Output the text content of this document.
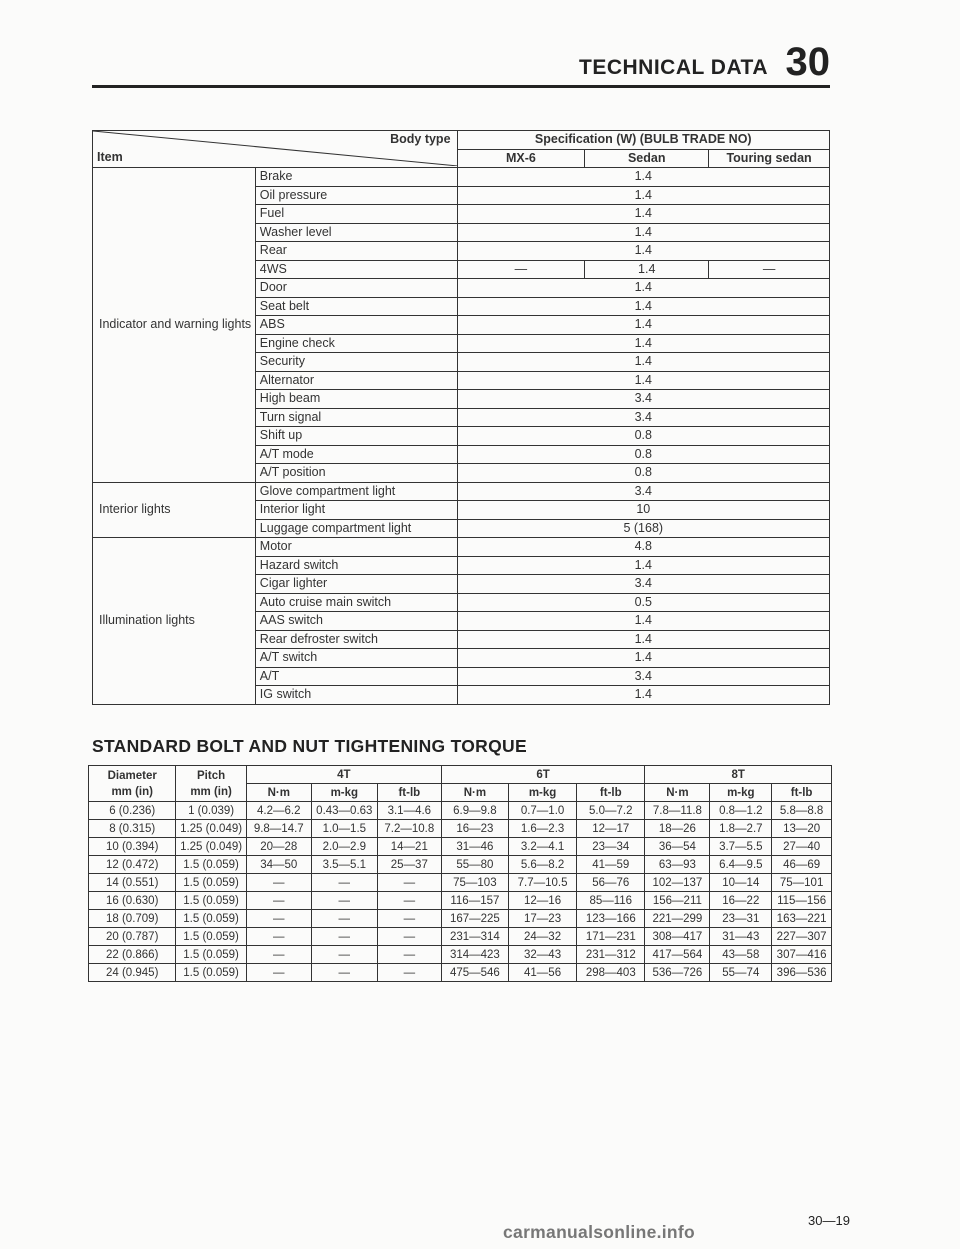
TECHNICAL DATA 30
Body type
Item		Specification (W) (BULB TRADE NO)		
		MX-6	Sedan	Touring sedan
Indicator and warning lights	Brake	1.4		
	Oil pressure	1.4		
	Fuel	1.4		
	Washer level	1.4		
	Rear	1.4		
	4WS	—	1.4	—
	Door	1.4		
	Seat belt	1.4		
	ABS	1.4		
	Engine check	1.4		
	Security	1.4		
	Alternator	1.4		
	High beam	3.4		
	Turn signal	3.4		
	Shift up	0.8		
	A/T mode	0.8		
	A/T position	0.8		
Interior lights	Glove compartment light	3.4		
	Interior light	10		
	Luggage compartment light	5 (168)		
Illumination lights	Motor	4.8		
	Hazard switch	1.4		
	Cigar lighter	3.4		
	Auto cruise main switch	0.5		
	AAS switch	1.4		
	Rear defroster switch	1.4		
	A/T switch	1.4		
	A/T	3.4		
	IG switch	1.4		
STANDARD BOLT AND NUT TIGHTENING TORQUE
Diameter
mm (in)	Pitch
mm (in)	4T			6T			8T		
		N·m	m-kg	ft-lb	N·m	m-kg	ft-lb	N·m	m-kg	ft-lb
6 (0.236)	1 (0.039)	4.2—6.2	0.43—0.63	3.1—4.6	6.9—9.8	0.7—1.0	5.0—7.2	7.8—11.8	0.8—1.2	5.8—8.8
8 (0.315)	1.25 (0.049)	9.8—14.7	1.0—1.5	7.2—10.8	16—23	1.6—2.3	12—17	18—26	1.8—2.7	13—20
10 (0.394)	1.25 (0.049)	20—28	2.0—2.9	14—21	31—46	3.2—4.1	23—34	36—54	3.7—5.5	27—40
12 (0.472)	1.5 (0.059)	34—50	3.5—5.1	25—37	55—80	5.6—8.2	41—59	63—93	6.4—9.5	46—69
14 (0.551)	1.5 (0.059)	—	—	—	75—103	7.7—10.5	56—76	102—137	10—14	75—101
16 (0.630)	1.5 (0.059)	—	—	—	116—157	12—16	85—116	156—211	16—22	115—156
18 (0.709)	1.5 (0.059)	—	—	—	167—225	17—23	123—166	221—299	23—31	163—221
20 (0.787)	1.5 (0.059)	—	—	—	231—314	24—32	171—231	308—417	31—43	227—307
22 (0.866)	1.5 (0.059)	—	—	—	314—423	32—43	231—312	417—564	43—58	307—416
24 (0.945)	1.5 (0.059)	—	—	—	475—546	41—56	298—403	536—726	55—74	396—536
30—19
carmanualsonline.info
